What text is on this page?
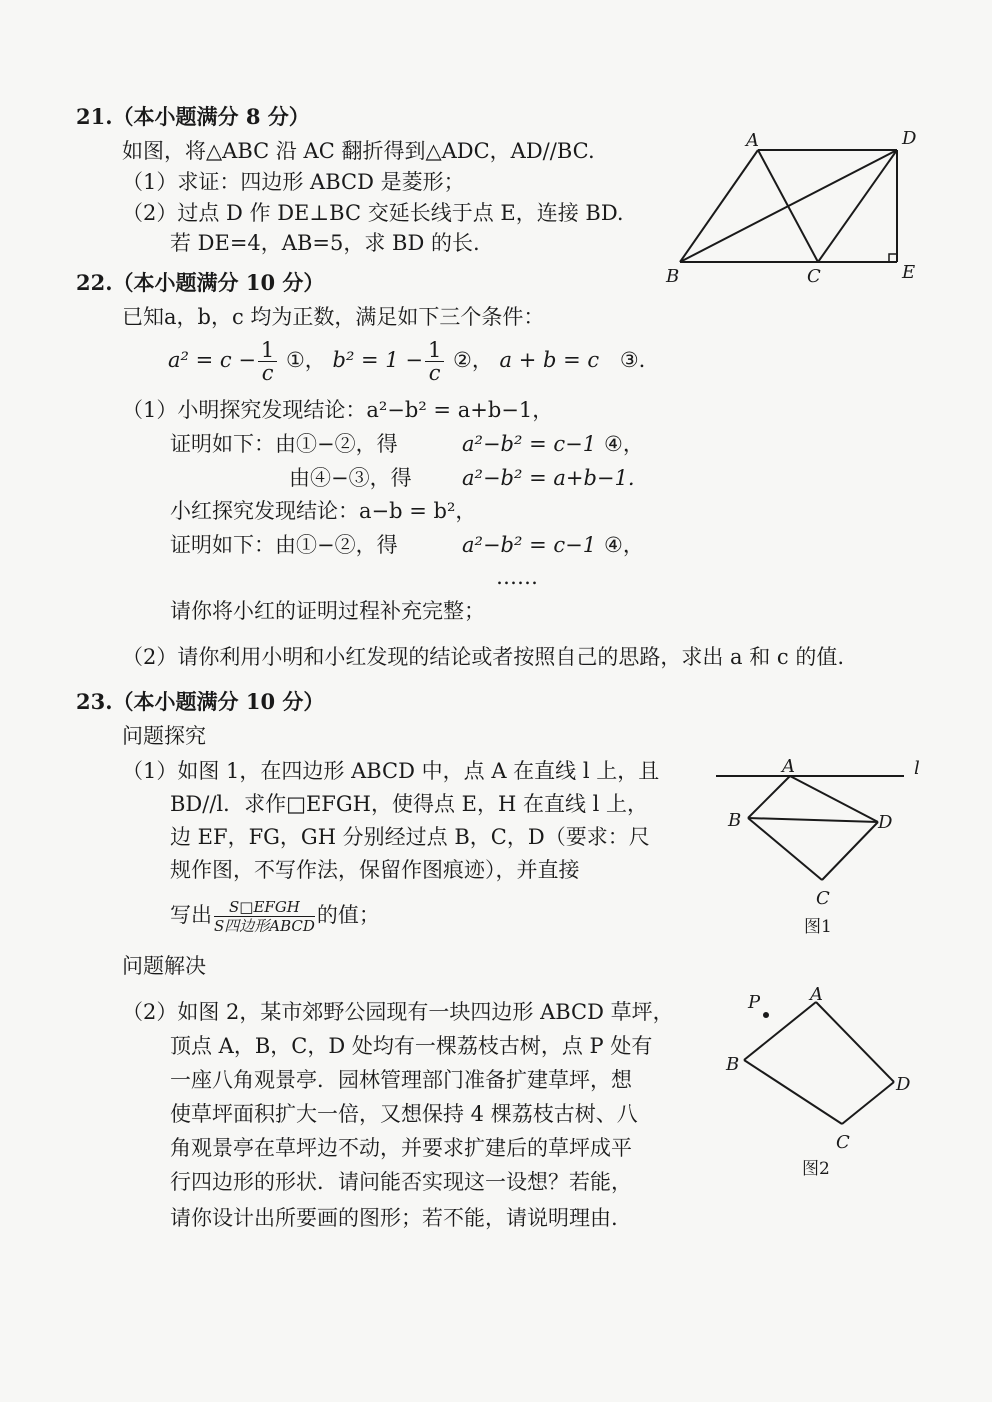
21.（本小题满分 8 分）
如图，将△ABC 沿 AC 翻折得到△ADC，AD//BC.
（1）求证：四边形 ABCD 是菱形；
（2）过点 D 作 DE⊥BC 交延长线于点 E，连接 BD.
若 DE=4，AB=5，求 BD 的长.
A	D
B	C	E
22.（本小题满分 10 分）
已知a，b，c 均为正数，满足如下三个条件：
$a^2 = c - \frac{1}{c}$ ①， $b^2 = 1 - \frac{1}{c}$ ②， a + b = c ③.
（1）小明探究发现结论：a²−b² = a+b−1，
证明如下：由①−②，得	a²−b² = c−1 ④，
由④−③，得 a²−b² = a+b−1.
小红探究发现结论：a−b = b²，
证明如下：由①−②，得	a²−b² = c−1 ④，
……
请你将小红的证明过程补充完整；
（2）请你利用小明和小红发现的结论或者按照自己的思路，求出 a 和 c 的值.
23.（本小题满分 10 分）
问题探究
（1）如图 1，在四边形 ABCD 中，点 A 在直线 l 上，且
BD//l．求作□EFGH，使得点 E，H 在直线 l 上，
边 EF，FG，GH 分别经过点 B，C，D（要求：尺
规作图，不写作法，保留作图痕迹），并直接
写出 $\frac{\text{S□EFGH}}{\text{S四边形ABCD}}$ 的值；
A	l
B	D
C
图1
问题解决
（2）如图 2，某市郊野公园现有一块四边形 ABCD 草坪，
顶点 A，B，C，D 处均有一棵荔枝古树，点 P 处有
一座八角观景亭．园林管理部门准备扩建草坪，想
使草坪面积扩大一倍，又想保持 4 棵荔枝古树、八
角观景亭在草坪边不动，并要求扩建后的草坪成平
行四边形的形状．请问能否实现这一设想？若能，
请你设计出所要画的图形；若不能，请说明理由.
P	A
B
D
C
图2
